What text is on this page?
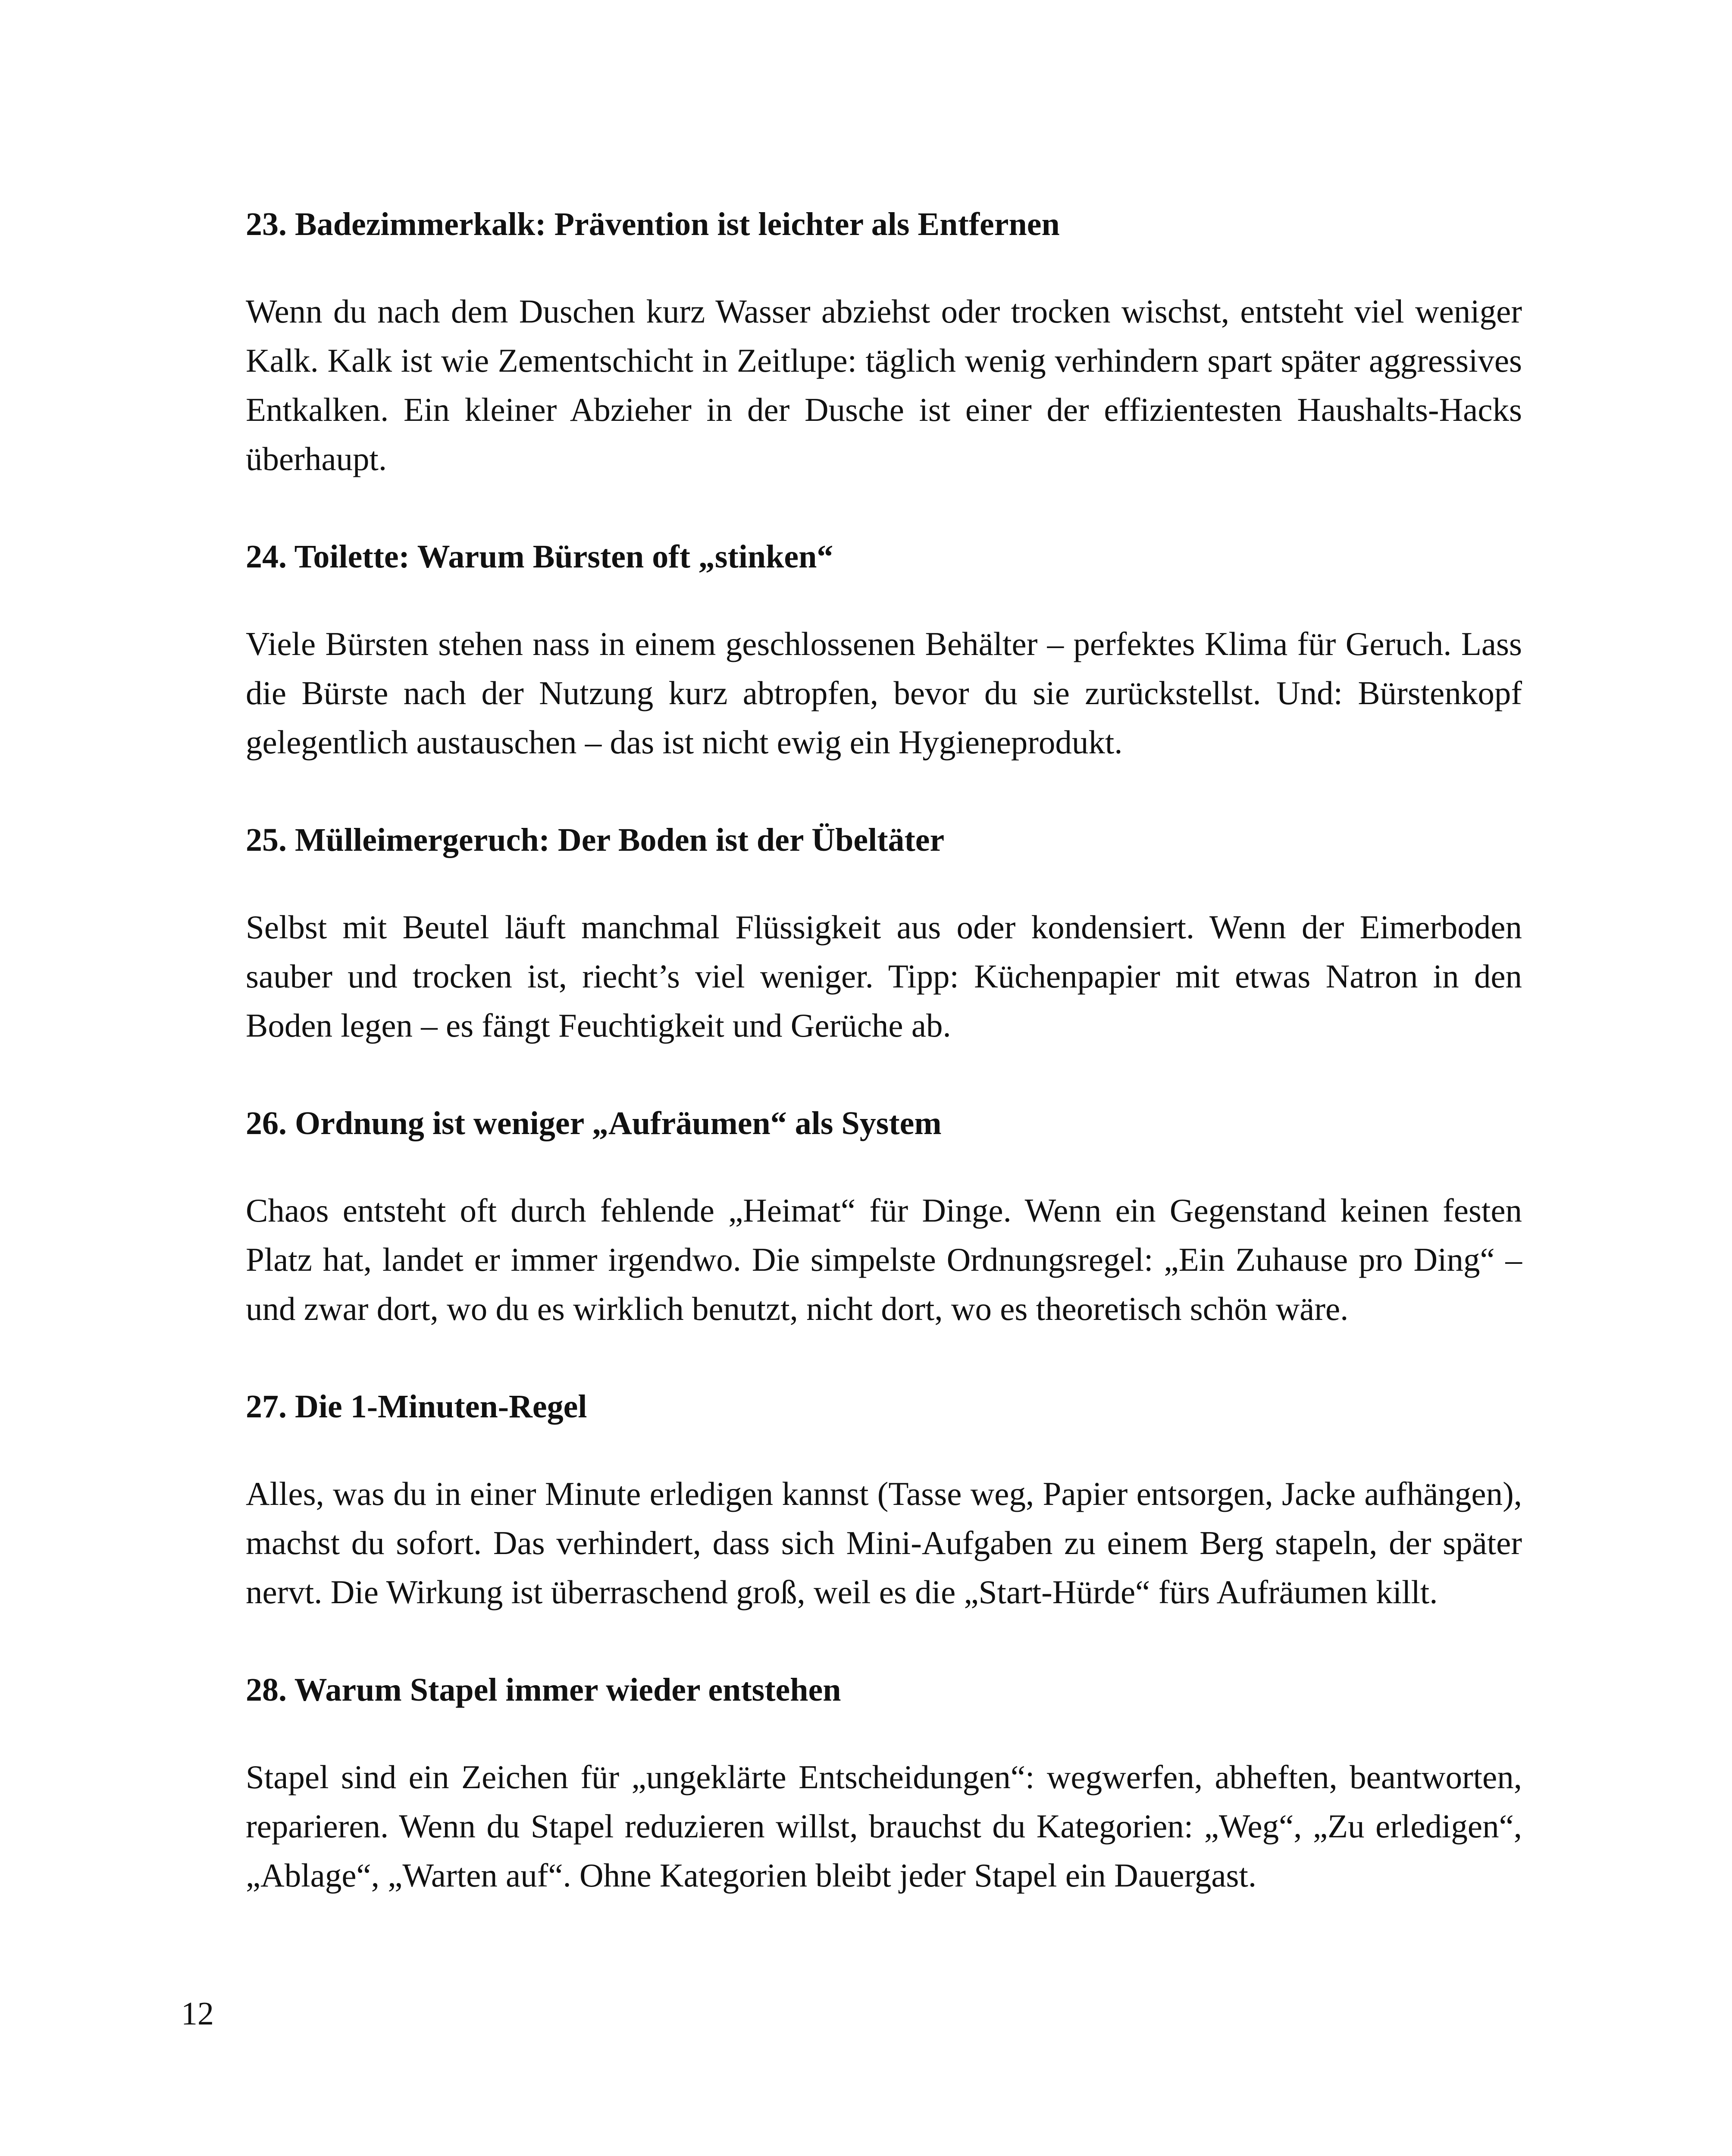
23. Badezimmerkalk: Prävention ist leichter als Entfernen

Wenn du nach dem Duschen kurz Wasser abziehst oder trocken wischst, entsteht viel weniger Kalk. Kalk ist wie Zementschicht in Zeitlupe: täglich wenig verhindern spart später aggressives Entkalken. Ein kleiner Abzieher in der Dusche ist einer der effizientesten Haushalts-Hacks überhaupt.

24. Toilette: Warum Bürsten oft „stinken“

Viele Bürsten stehen nass in einem geschlossenen Behälter – perfektes Klima für Geruch. Lass die Bürste nach der Nutzung kurz abtropfen, bevor du sie zurückstellst. Und: Bürstenkopf gelegentlich austauschen – das ist nicht ewig ein Hygieneprodukt.

25. Mülleimergeruch: Der Boden ist der Übeltäter

Selbst mit Beutel läuft manchmal Flüssigkeit aus oder kondensiert. Wenn der Eimerboden sauber und trocken ist, riecht’s viel weniger. Tipp: Küchenpapier mit etwas Natron in den Boden legen – es fängt Feuchtigkeit und Gerüche ab.

26. Ordnung ist weniger „Aufräumen“ als System

Chaos entsteht oft durch fehlende „Heimat“ für Dinge. Wenn ein Gegenstand keinen festen Platz hat, landet er immer irgendwo. Die simpelste Ordnungsregel: „Ein Zuhause pro Ding“ – und zwar dort, wo du es wirklich benutzt, nicht dort, wo es theoretisch schön wäre.

27. Die 1-Minuten-Regel

Alles, was du in einer Minute erledigen kannst (Tasse weg, Papier entsorgen, Jacke aufhängen), machst du sofort. Das verhindert, dass sich Mini-Aufgaben zu einem Berg stapeln, der später nervt. Die Wirkung ist überraschend groß, weil es die „Start-Hürde“ fürs Aufräumen killt.

28. Warum Stapel immer wieder entstehen

Stapel sind ein Zeichen für „ungeklärte Entscheidungen“: wegwerfen, abheften, beantworten, reparieren. Wenn du Stapel reduzieren willst, brauchst du Kategorien: „Weg“, „Zu erledigen“, „Ablage“, „Warten auf“. Ohne Kategorien bleibt jeder Stapel ein Dauergast.

12
